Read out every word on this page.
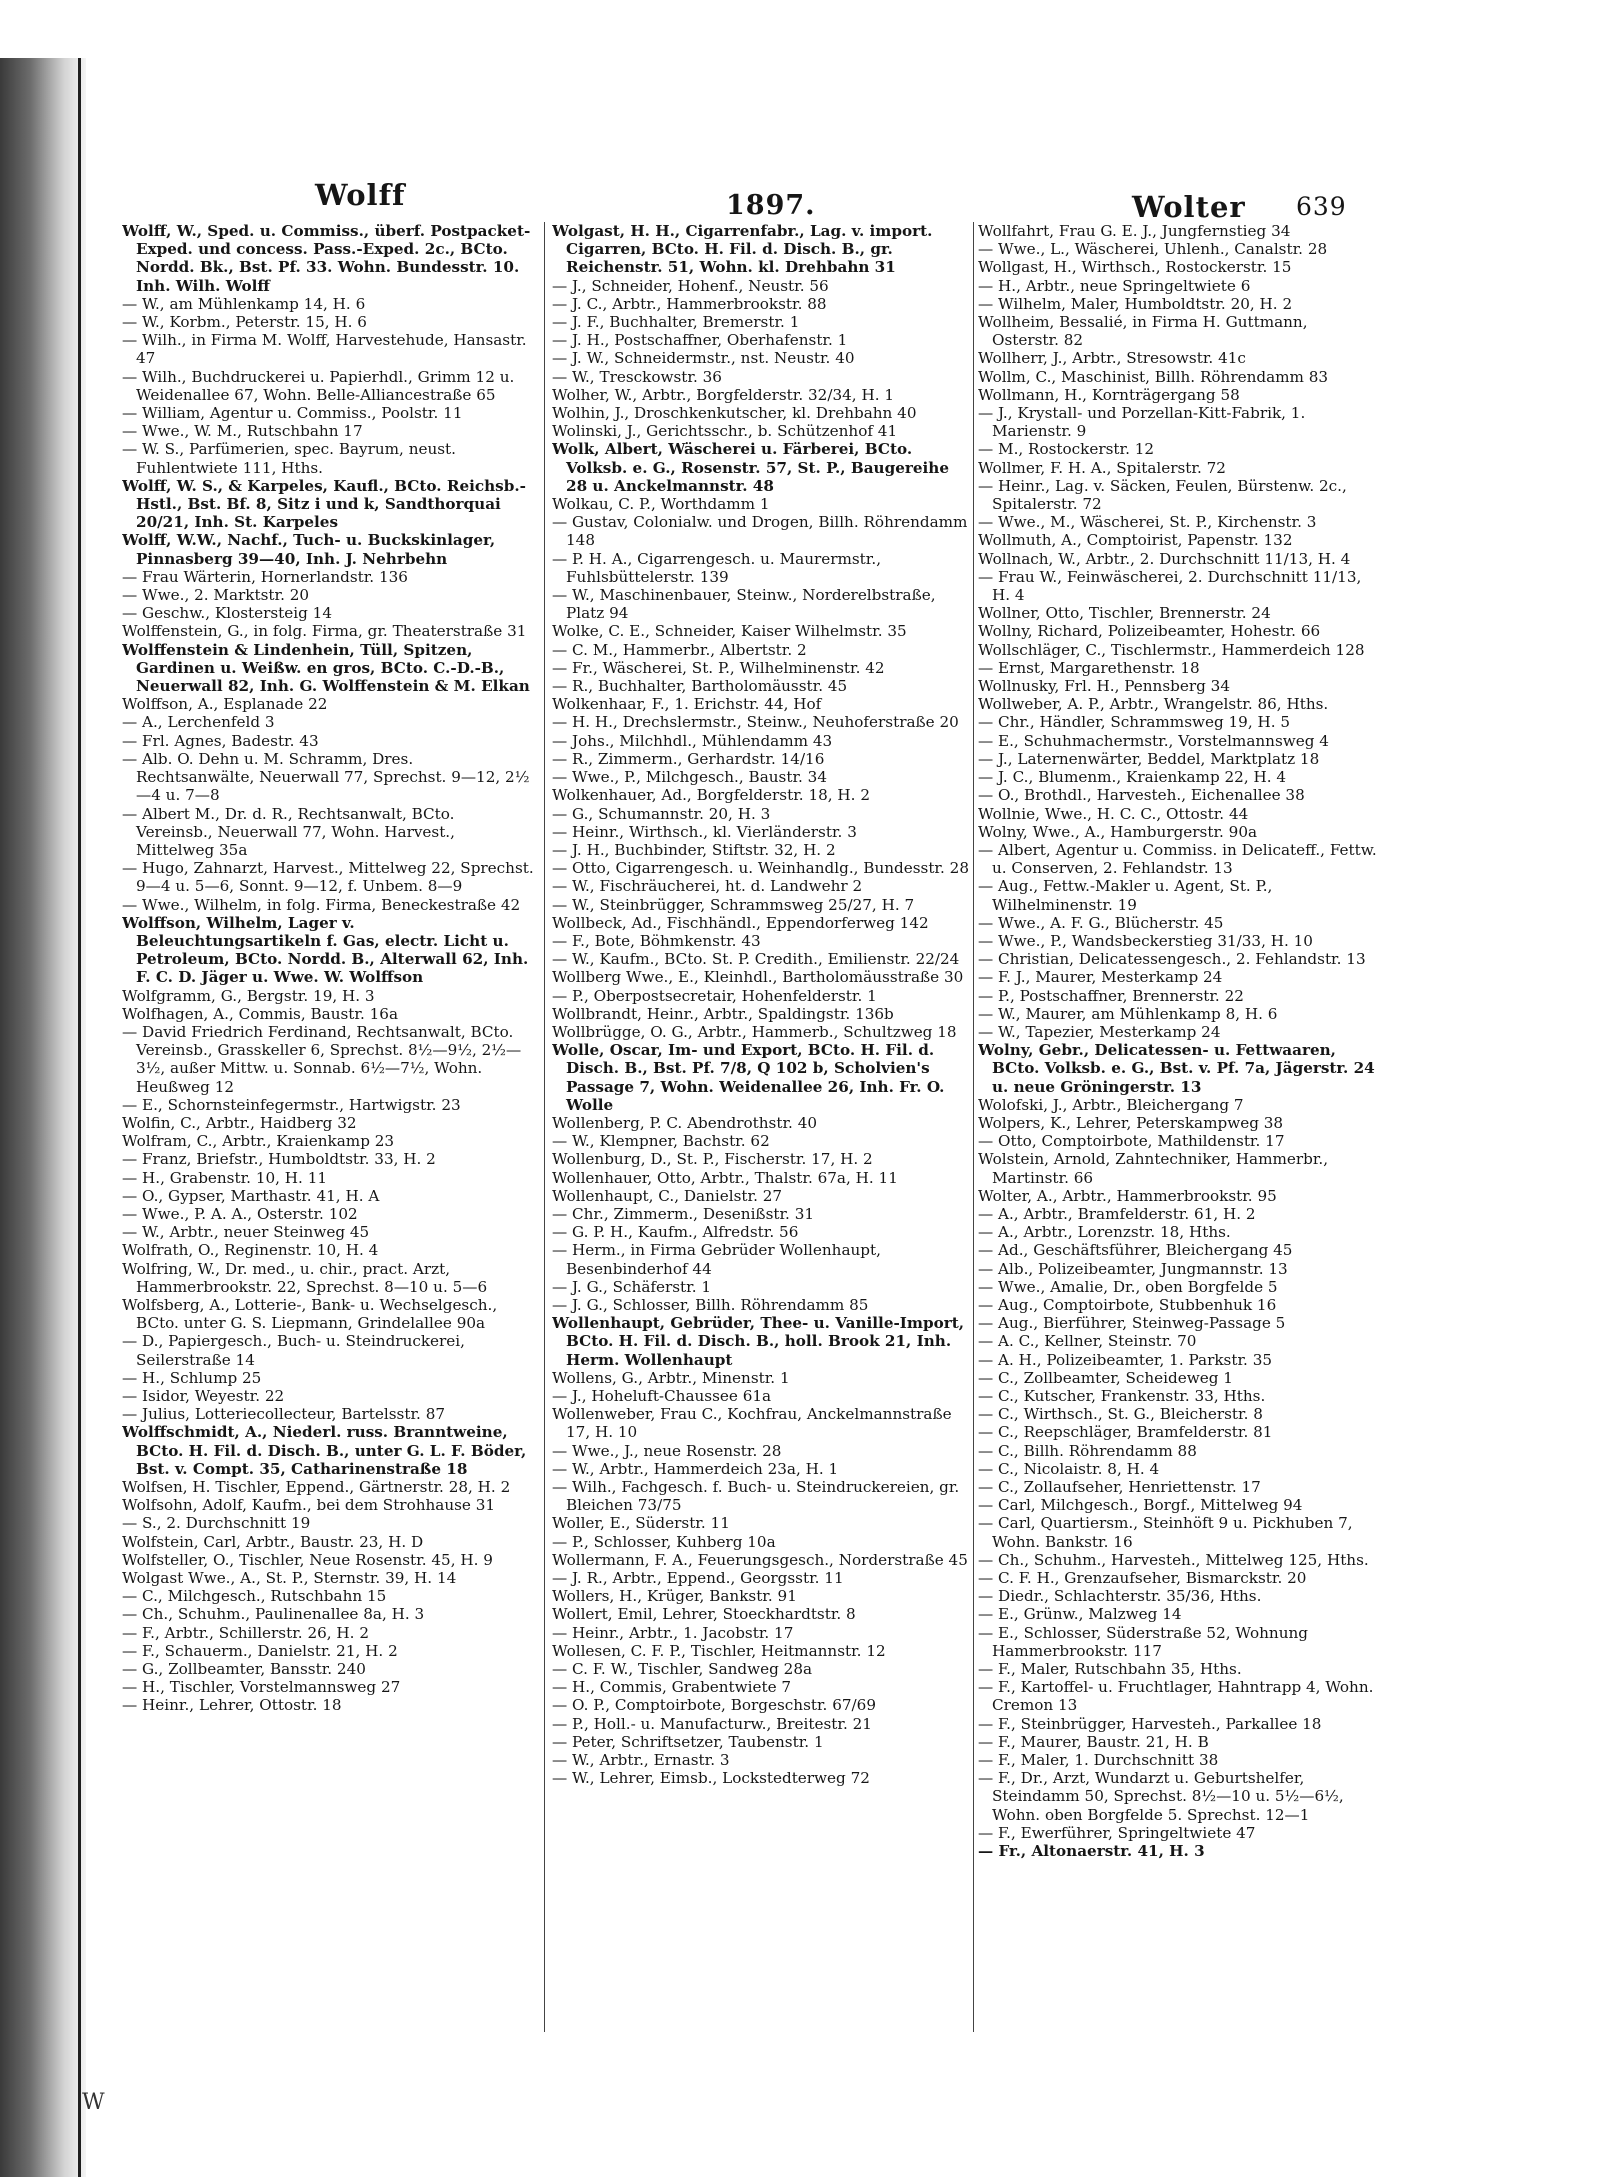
W
Wolff	1897.	Wolter 639

Wolff, W., Sped. u. Commiss., überf. Postpacket-Exped. und concess. Pass.-Exped. 2c., BCto. Nordd. Bk., Bst. Pf. 33. Wohn. Bundesstr. 10. Inh. Wilh. Wolff

— W., am Mühlenkamp 14, H. 6

— W., Korbm., Peterstr. 15, H. 6

— Wilh., in Firma M. Wolff, Harvestehude, Hansastr. 47

— Wilh., Buchdruckerei u. Papierhdl., Grimm 12 u. Weidenallee 67, Wohn. Belle-Alliancestraße 65

— William, Agentur u. Commiss., Poolstr. 11

— Wwe., W. M., Rutschbahn 17

— W. S., Parfümerien, spec. Bayrum, neust. Fuhlentwiete 111, Hths.

Wolff, W. S., & Karpeles, Kaufl., BCto. Reichsb.-Hstl., Bst. Bf. 8, Sitz i und k, Sandthorquai 20/21, Inh. St. Karpeles

Wolff, W.W., Nachf., Tuch- u. Buckskinlager, Pinnasberg 39—40, Inh. J. Nehrbehn

— Frau Wärterin, Hornerlandstr. 136

— Wwe., 2. Marktstr. 20

— Geschw., Klostersteig 14

Wolffenstein, G., in folg. Firma, gr. Theaterstraße 31

Wolffenstein & Lindenhein, Tüll, Spitzen, Gardinen u. Weißw. en gros, BCto. C.-D.-B., Neuerwall 82, Inh. G. Wolffenstein & M. Elkan

Wolffson, A., Esplanade 22

— A., Lerchenfeld 3

— Frl. Agnes, Badestr. 43

— Alb. O. Dehn u. M. Schramm, Dres. Rechtsanwälte, Neuerwall 77, Sprechst. 9—12, 2½—4 u. 7—8

— Albert M., Dr. d. R., Rechtsanwalt, BCto. Vereinsb., Neuerwall 77, Wohn. Harvest., Mittelweg 35a

— Hugo, Zahnarzt, Harvest., Mittelweg 22, Sprechst. 9—4 u. 5—6, Sonnt. 9—12, f. Unbem. 8—9

— Wwe., Wilhelm, in folg. Firma, Beneckestraße 42

Wolffson, Wilhelm, Lager v. Beleuchtungsartikeln f. Gas, electr. Licht u. Petroleum, BCto. Nordd. B., Alterwall 62, Inh. F. C. D. Jäger u. Wwe. W. Wolffson

Wolfgramm, G., Bergstr. 19, H. 3

Wolfhagen, A., Commis, Baustr. 16a

— David Friedrich Ferdinand, Rechtsanwalt, BCto. Vereinsb., Grasskeller 6, Sprechst. 8½—9½, 2½—3½, außer Mittw. u. Sonnab. 6½—7½, Wohn. Heußweg 12

— E., Schornsteinfegermstr., Hartwigstr. 23

Wolfin, C., Arbtr., Haidberg 32

Wolfram, C., Arbtr., Kraienkamp 23

— Franz, Briefstr., Humboldtstr. 33, H. 2

— H., Grabenstr. 10, H. 11

— O., Gypser, Marthastr. 41, H. A

— Wwe., P. A. A., Osterstr. 102

— W., Arbtr., neuer Steinweg 45

Wolfrath, O., Reginenstr. 10, H. 4

Wolfring, W., Dr. med., u. chir., pract. Arzt, Hammerbrookstr. 22, Sprechst. 8—10 u. 5—6

Wolfsberg, A., Lotterie-, Bank- u. Wechselgesch., BCto. unter G. S. Liepmann, Grindelallee 90a

— D., Papiergesch., Buch- u. Steindruckerei, Seilerstraße 14

— H., Schlump 25

— Isidor, Weyestr. 22

— Julius, Lotteriecollecteur, Bartelsstr. 87

Wolffschmidt, A., Niederl. russ. Branntweine, BCto. H. Fil. d. Disch. B., unter G. L. F. Böder, Bst. v. Compt. 35, Catharinenstraße 18

Wolfsen, H. Tischler, Eppend., Gärtnerstr. 28, H. 2

Wolfsohn, Adolf, Kaufm., bei dem Strohhause 31

— S., 2. Durchschnitt 19

Wolfstein, Carl, Arbtr., Baustr. 23, H. D

Wolfsteller, O., Tischler, Neue Rosenstr. 45, H. 9

Wolgast Wwe., A., St. P., Sternstr. 39, H. 14

— C., Milchgesch., Rutschbahn 15

— Ch., Schuhm., Paulinenallee 8a, H. 3

— F., Arbtr., Schillerstr. 26, H. 2

— F., Schauerm., Danielstr. 21, H. 2

— G., Zollbeamter, Bansstr. 240

— H., Tischler, Vorstelmannsweg 27

— Heinr., Lehrer, Ottostr. 18

Wolgast, H. H., Cigarrenfabr., Lag. v. import. Cigarren, BCto. H. Fil. d. Disch. B., gr. Reichenstr. 51, Wohn. kl. Drehbahn 31

— J., Schneider, Hohenf., Neustr. 56

— J. C., Arbtr., Hammerbrookstr. 88

— J. F., Buchhalter, Bremerstr. 1

— J. H., Postschaffner, Oberhafenstr. 1

— J. W., Schneidermstr., nst. Neustr. 40

— W., Tresckowstr. 36

Wolher, W., Arbtr., Borgfelderstr. 32/34, H. 1

Wolhin, J., Droschkenkutscher, kl. Drehbahn 40

Wolinski, J., Gerichtsschr., b. Schützenhof 41

Wolk, Albert, Wäscherei u. Färberei, BCto. Volksb. e. G., Rosenstr. 57, St. P., Baugereihe 28 u. Anckelmannstr. 48

Wolkau, C. P., Worthdamm 1

— Gustav, Colonialw. und Drogen, Billh. Röhrendamm 148

— P. H. A., Cigarrengesch. u. Maurermstr., Fuhlsbüttelerstr. 139

— W., Maschinenbauer, Steinw., Norderelbstraße, Platz 94

Wolke, C. E., Schneider, Kaiser Wilhelmstr. 35

— C. M., Hammerbr., Albertstr. 2

— Fr., Wäscherei, St. P., Wilhelminenstr. 42

— R., Buchhalter, Bartholomäusstr. 45

Wolkenhaar, F., 1. Erichstr. 44, Hof

— H. H., Drechslermstr., Steinw., Neuhoferstraße 20

— Johs., Milchhdl., Mühlendamm 43

— R., Zimmerm., Gerhardstr. 14/16

— Wwe., P., Milchgesch., Baustr. 34

Wolkenhauer, Ad., Borgfelderstr. 18, H. 2

— G., Schumannstr. 20, H. 3

— Heinr., Wirthsch., kl. Vierländerstr. 3

— J. H., Buchbinder, Stiftstr. 32, H. 2

— Otto, Cigarrengesch. u. Weinhandlg., Bundesstr. 28

— W., Fischräucherei, ht. d. Landwehr 2

— W., Steinbrügger, Schrammsweg 25/27, H. 7

Wollbeck, Ad., Fischhändl., Eppendorferweg 142

— F., Bote, Böhmkenstr. 43

— W., Kaufm., BCto. St. P. Credith., Emilienstr. 22/24

Wollberg Wwe., E., Kleinhdl., Bartholomäusstraße 30

— P., Oberpostsecretair, Hohenfelderstr. 1

Wollbrandt, Heinr., Arbtr., Spaldingstr. 136b

Wollbrügge, O. G., Arbtr., Hammerb., Schultzweg 18

Wolle, Oscar, Im- und Export, BCto. H. Fil. d. Disch. B., Bst. Pf. 7/8, Q 102 b, Scholvien's Passage 7, Wohn. Weidenallee 26, Inh. Fr. O. Wolle

Wollenberg, P. C. Abendrothstr. 40

— W., Klempner, Bachstr. 62

Wollenburg, D., St. P., Fischerstr. 17, H. 2

Wollenhauer, Otto, Arbtr., Thalstr. 67a, H. 11

Wollenhaupt, C., Danielstr. 27

— Chr., Zimmerm., Desenißstr. 31

— G. P. H., Kaufm., Alfredstr. 56

— Herm., in Firma Gebrüder Wollenhaupt, Besenbinderhof 44

— J. G., Schäferstr. 1

— J. G., Schlosser, Billh. Röhrendamm 85

Wollenhaupt, Gebrüder, Thee- u. Vanille-Import, BCto. H. Fil. d. Disch. B., holl. Brook 21, Inh. Herm. Wollenhaupt

Wollens, G., Arbtr., Minenstr. 1

— J., Hoheluft-Chaussee 61a

Wollenweber, Frau C., Kochfrau, Anckelmannstraße 17, H. 10

— Wwe., J., neue Rosenstr. 28

— W., Arbtr., Hammerdeich 23a, H. 1

— Wilh., Fachgesch. f. Buch- u. Steindruckereien, gr. Bleichen 73/75

Woller, E., Süderstr. 11

— P., Schlosser, Kuhberg 10a

Wollermann, F. A., Feuerungsgesch., Norderstraße 45

— J. R., Arbtr., Eppend., Georgsstr. 11

Wollers, H., Krüger, Bankstr. 91

Wollert, Emil, Lehrer, Stoeckhardtstr. 8

— Heinr., Arbtr., 1. Jacobstr. 17

Wollesen, C. F. P., Tischler, Heitmannstr. 12

— C. F. W., Tischler, Sandweg 28a

— H., Commis, Grabentwiete 7

— O. P., Comptoirbote, Borgeschstr. 67/69

— P., Holl.- u. Manufacturw., Breitestr. 21

— Peter, Schriftsetzer, Taubenstr. 1

— W., Arbtr., Ernastr. 3

— W., Lehrer, Eimsb., Lockstedterweg 72

Wollfahrt, Frau G. E. J., Jungfernstieg 34

— Wwe., L., Wäscherei, Uhlenh., Canalstr. 28

Wollgast, H., Wirthsch., Rostockerstr. 15

— H., Arbtr., neue Springeltwiete 6

— Wilhelm, Maler, Humboldtstr. 20, H. 2

Wollheim, Bessalié, in Firma H. Guttmann, Osterstr. 82

Wollherr, J., Arbtr., Stresowstr. 41c

Wollm, C., Maschinist, Billh. Röhrendamm 83

Wollmann, H., Kornträgergang 58

— J., Krystall- und Porzellan-Kitt-Fabrik, 1. Marienstr. 9

— M., Rostockerstr. 12

Wollmer, F. H. A., Spitalerstr. 72

— Heinr., Lag. v. Säcken, Feulen, Bürstenw. 2c., Spitalerstr. 72

— Wwe., M., Wäscherei, St. P., Kirchenstr. 3

Wollmuth, A., Comptoirist, Papenstr. 132

Wollnach, W., Arbtr., 2. Durchschnitt 11/13, H. 4

— Frau W., Feinwäscherei, 2. Durchschnitt 11/13, H. 4

Wollner, Otto, Tischler, Brennerstr. 24

Wollny, Richard, Polizeibeamter, Hohestr. 66

Wollschläger, C., Tischlermstr., Hammerdeich 128

— Ernst, Margarethenstr. 18

Wollnusky, Frl. H., Pennsberg 34

Wollweber, A. P., Arbtr., Wrangelstr. 86, Hths.

— Chr., Händler, Schrammsweg 19, H. 5

— E., Schuhmachermstr., Vorstelmannsweg 4

— J., Laternenwärter, Beddel, Marktplatz 18

— J. C., Blumenm., Kraienkamp 22, H. 4

— O., Brothdl., Harvesteh., Eichenallee 38

Wollnie, Wwe., H. C. C., Ottostr. 44

Wolny, Wwe., A., Hamburgerstr. 90a

— Albert, Agentur u. Commiss. in Delicateff., Fettw. u. Conserven, 2. Fehlandstr. 13

— Aug., Fettw.-Makler u. Agent, St. P., Wilhelminenstr. 19

— Wwe., A. F. G., Blücherstr. 45

— Wwe., P., Wandsbeckerstieg 31/33, H. 10

— Christian, Delicatessengesch., 2. Fehlandstr. 13

— F. J., Maurer, Mesterkamp 24

— P., Postschaffner, Brennerstr. 22

— W., Maurer, am Mühlenkamp 8, H. 6

— W., Tapezier, Mesterkamp 24

Wolny, Gebr., Delicatessen- u. Fettwaaren, BCto. Volksb. e. G., Bst. v. Pf. 7a, Jägerstr. 24 u. neue Gröningerstr. 13

Wolofski, J., Arbtr., Bleichergang 7

Wolpers, K., Lehrer, Peterskampweg 38

— Otto, Comptoirbote, Mathildenstr. 17

Wolstein, Arnold, Zahntechniker, Hammerbr., Martinstr. 66

Wolter, A., Arbtr., Hammerbrookstr. 95

— A., Arbtr., Bramfelderstr. 61, H. 2

— A., Arbtr., Lorenzstr. 18, Hths.

— Ad., Geschäftsführer, Bleichergang 45

— Alb., Polizeibeamter, Jungmannstr. 13

— Wwe., Amalie, Dr., oben Borgfelde 5

— Aug., Comptoirbote, Stubbenhuk 16

— Aug., Bierführer, Steinweg-Passage 5

— A. C., Kellner, Steinstr. 70

— A. H., Polizeibeamter, 1. Parkstr. 35

— C., Zollbeamter, Scheideweg 1

— C., Kutscher, Frankenstr. 33, Hths.

— C., Wirthsch., St. G., Bleicherstr. 8

— C., Reepschläger, Bramfelderstr. 81

— C., Billh. Röhrendamm 88

— C., Nicolaistr. 8, H. 4

— C., Zollaufseher, Henriettenstr. 17

— Carl, Milchgesch., Borgf., Mittelweg 94

— Carl, Quartiersm., Steinhöft 9 u. Pickhuben 7, Wohn. Bankstr. 16

— Ch., Schuhm., Harvesteh., Mittelweg 125, Hths.

— C. F. H., Grenzaufseher, Bismarckstr. 20

— Diedr., Schlachterstr. 35/36, Hths.

— E., Grünw., Malzweg 14

— E., Schlosser, Süderstraße 52, Wohnung Hammerbrookstr. 117

— F., Maler, Rutschbahn 35, Hths.

— F., Kartoffel- u. Fruchtlager, Hahntrapp 4, Wohn. Cremon 13

— F., Steinbrügger, Harvesteh., Parkallee 18

— F., Maurer, Baustr. 21, H. B

— F., Maler, 1. Durchschnitt 38

— F., Dr., Arzt, Wundarzt u. Geburtshelfer, Steindamm 50, Sprechst. 8½—10 u. 5½—6½, Wohn. oben Borgfelde 5. Sprechst. 12—1

— F., Ewerführer, Springeltwiete 47

— Fr., Altonaerstr. 41, H. 3
